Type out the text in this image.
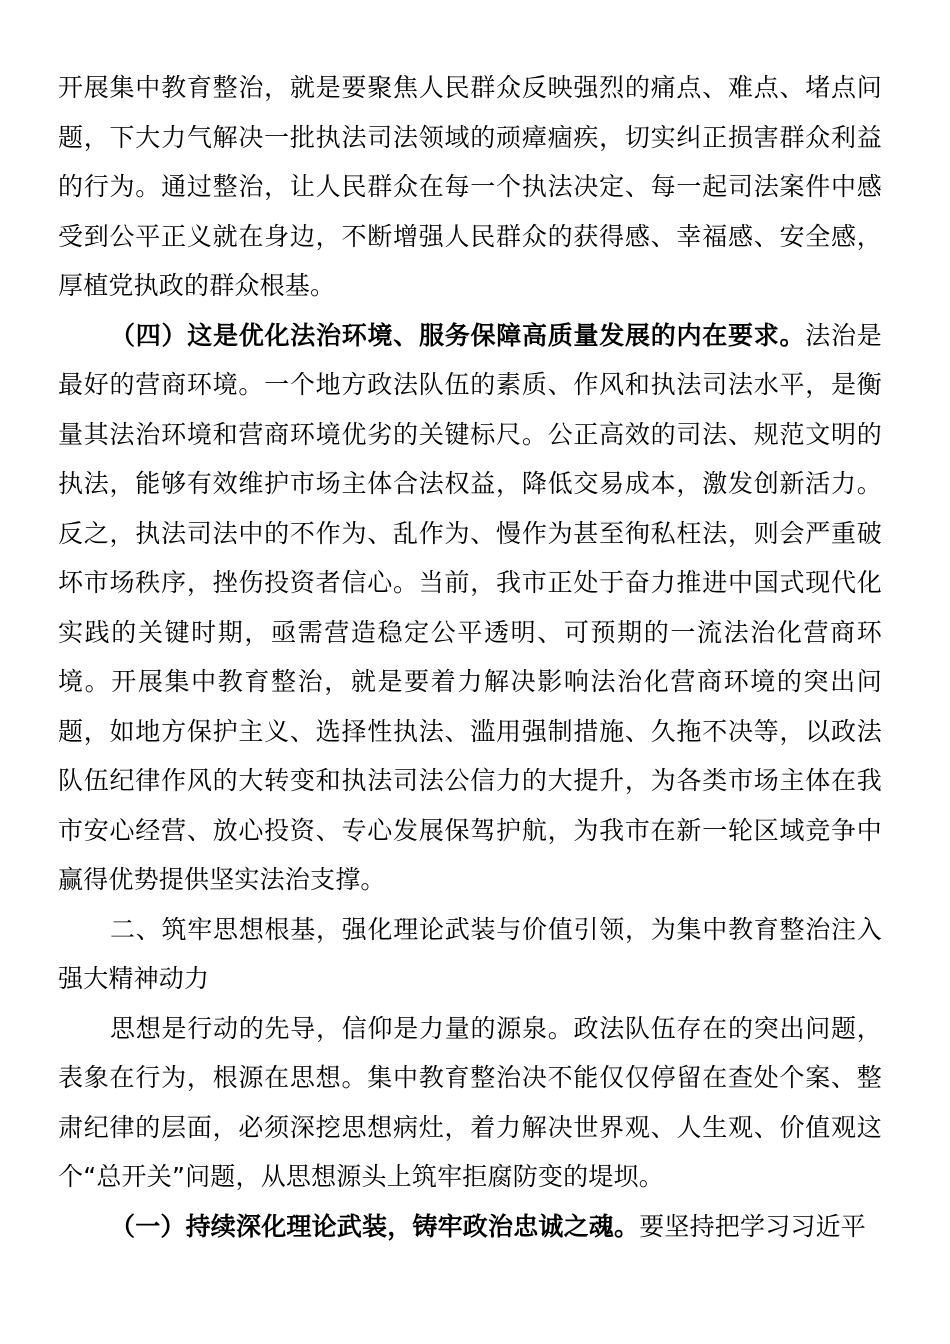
开展集中教育整治，就是要聚焦人民群众反映强烈的痛点、难点、堵点问题，下大力气解决一批执法司法领域的顽瘴痼疾，切实纠正损害群众利益的行为。通过整治，让人民群众在每一个执法决定、每一起司法案件中感受到公平正义就在身边，不断增强人民群众的获得感、幸福感、安全感，厚植党执政的群众根基。

（四）这是优化法治环境、服务保障高质量发展的内在要求。法治是最好的营商环境。一个地方政法队伍的素质、作风和执法司法水平，是衡量其法治环境和营商环境优劣的关键标尺。公正高效的司法、规范文明的执法，能够有效维护市场主体合法权益，降低交易成本，激发创新活力。反之，执法司法中的不作为、乱作为、慢作为甚至徇私枉法，则会严重破坏市场秩序，挫伤投资者信心。当前，我市正处于奋力推进中国式现代化实践的关键时期，亟需营造稳定公平透明、可预期的一流法治化营商环境。开展集中教育整治，就是要着力解决影响法治化营商环境的突出问题，如地方保护主义、选择性执法、滥用强制措施、久拖不决等，以政法队伍纪律作风的大转变和执法司法公信力的大提升，为各类市场主体在我市安心经营、放心投资、专心发展保驾护航，为我市在新一轮区域竞争中赢得优势提供坚实法治支撑。

二、筑牢思想根基，强化理论武装与价值引领，为集中教育整治注入强大精神动力

思想是行动的先导，信仰是力量的源泉。政法队伍存在的突出问题，表象在行为，根源在思想。集中教育整治决不能仅仅停留在查处个案、整肃纪律的层面，必须深挖思想病灶，着力解决世界观、人生观、价值观这个“总开关”问题，从思想源头上筑牢拒腐防变的堤坝。

（一）持续深化理论武装，铸牢政治忠诚之魂。要坚持把学习习近平
